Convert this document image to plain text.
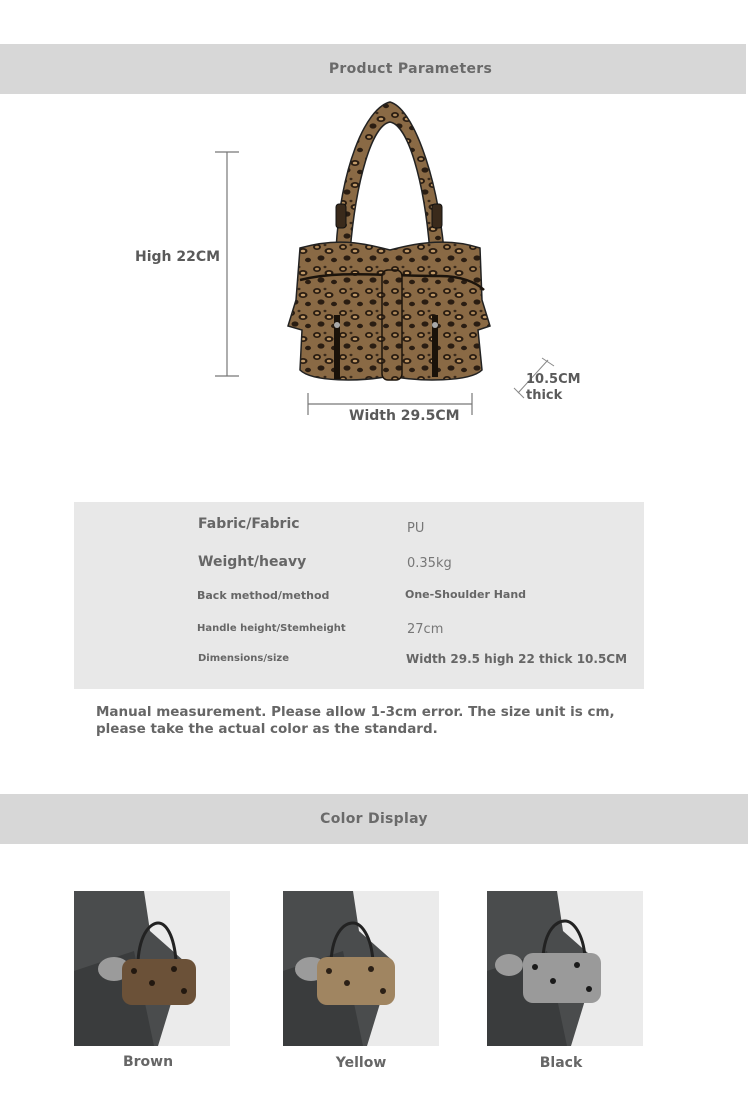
Product Parameters
High 22CM
Width 29.5CM
10.5CM
thick
Fabric/Fabric	PU
Weight/heavy	0.35kg
Back method/method	One-Shoulder Hand
Handle height/Stemheight	27cm
Dimensions/size	Width 29.5 high 22 thick 10.5CM
Manual measurement. Please allow 1-3cm error. The size unit is cm, please take the actual color as the standard.
Color Display
Brown	Yellow	Black
